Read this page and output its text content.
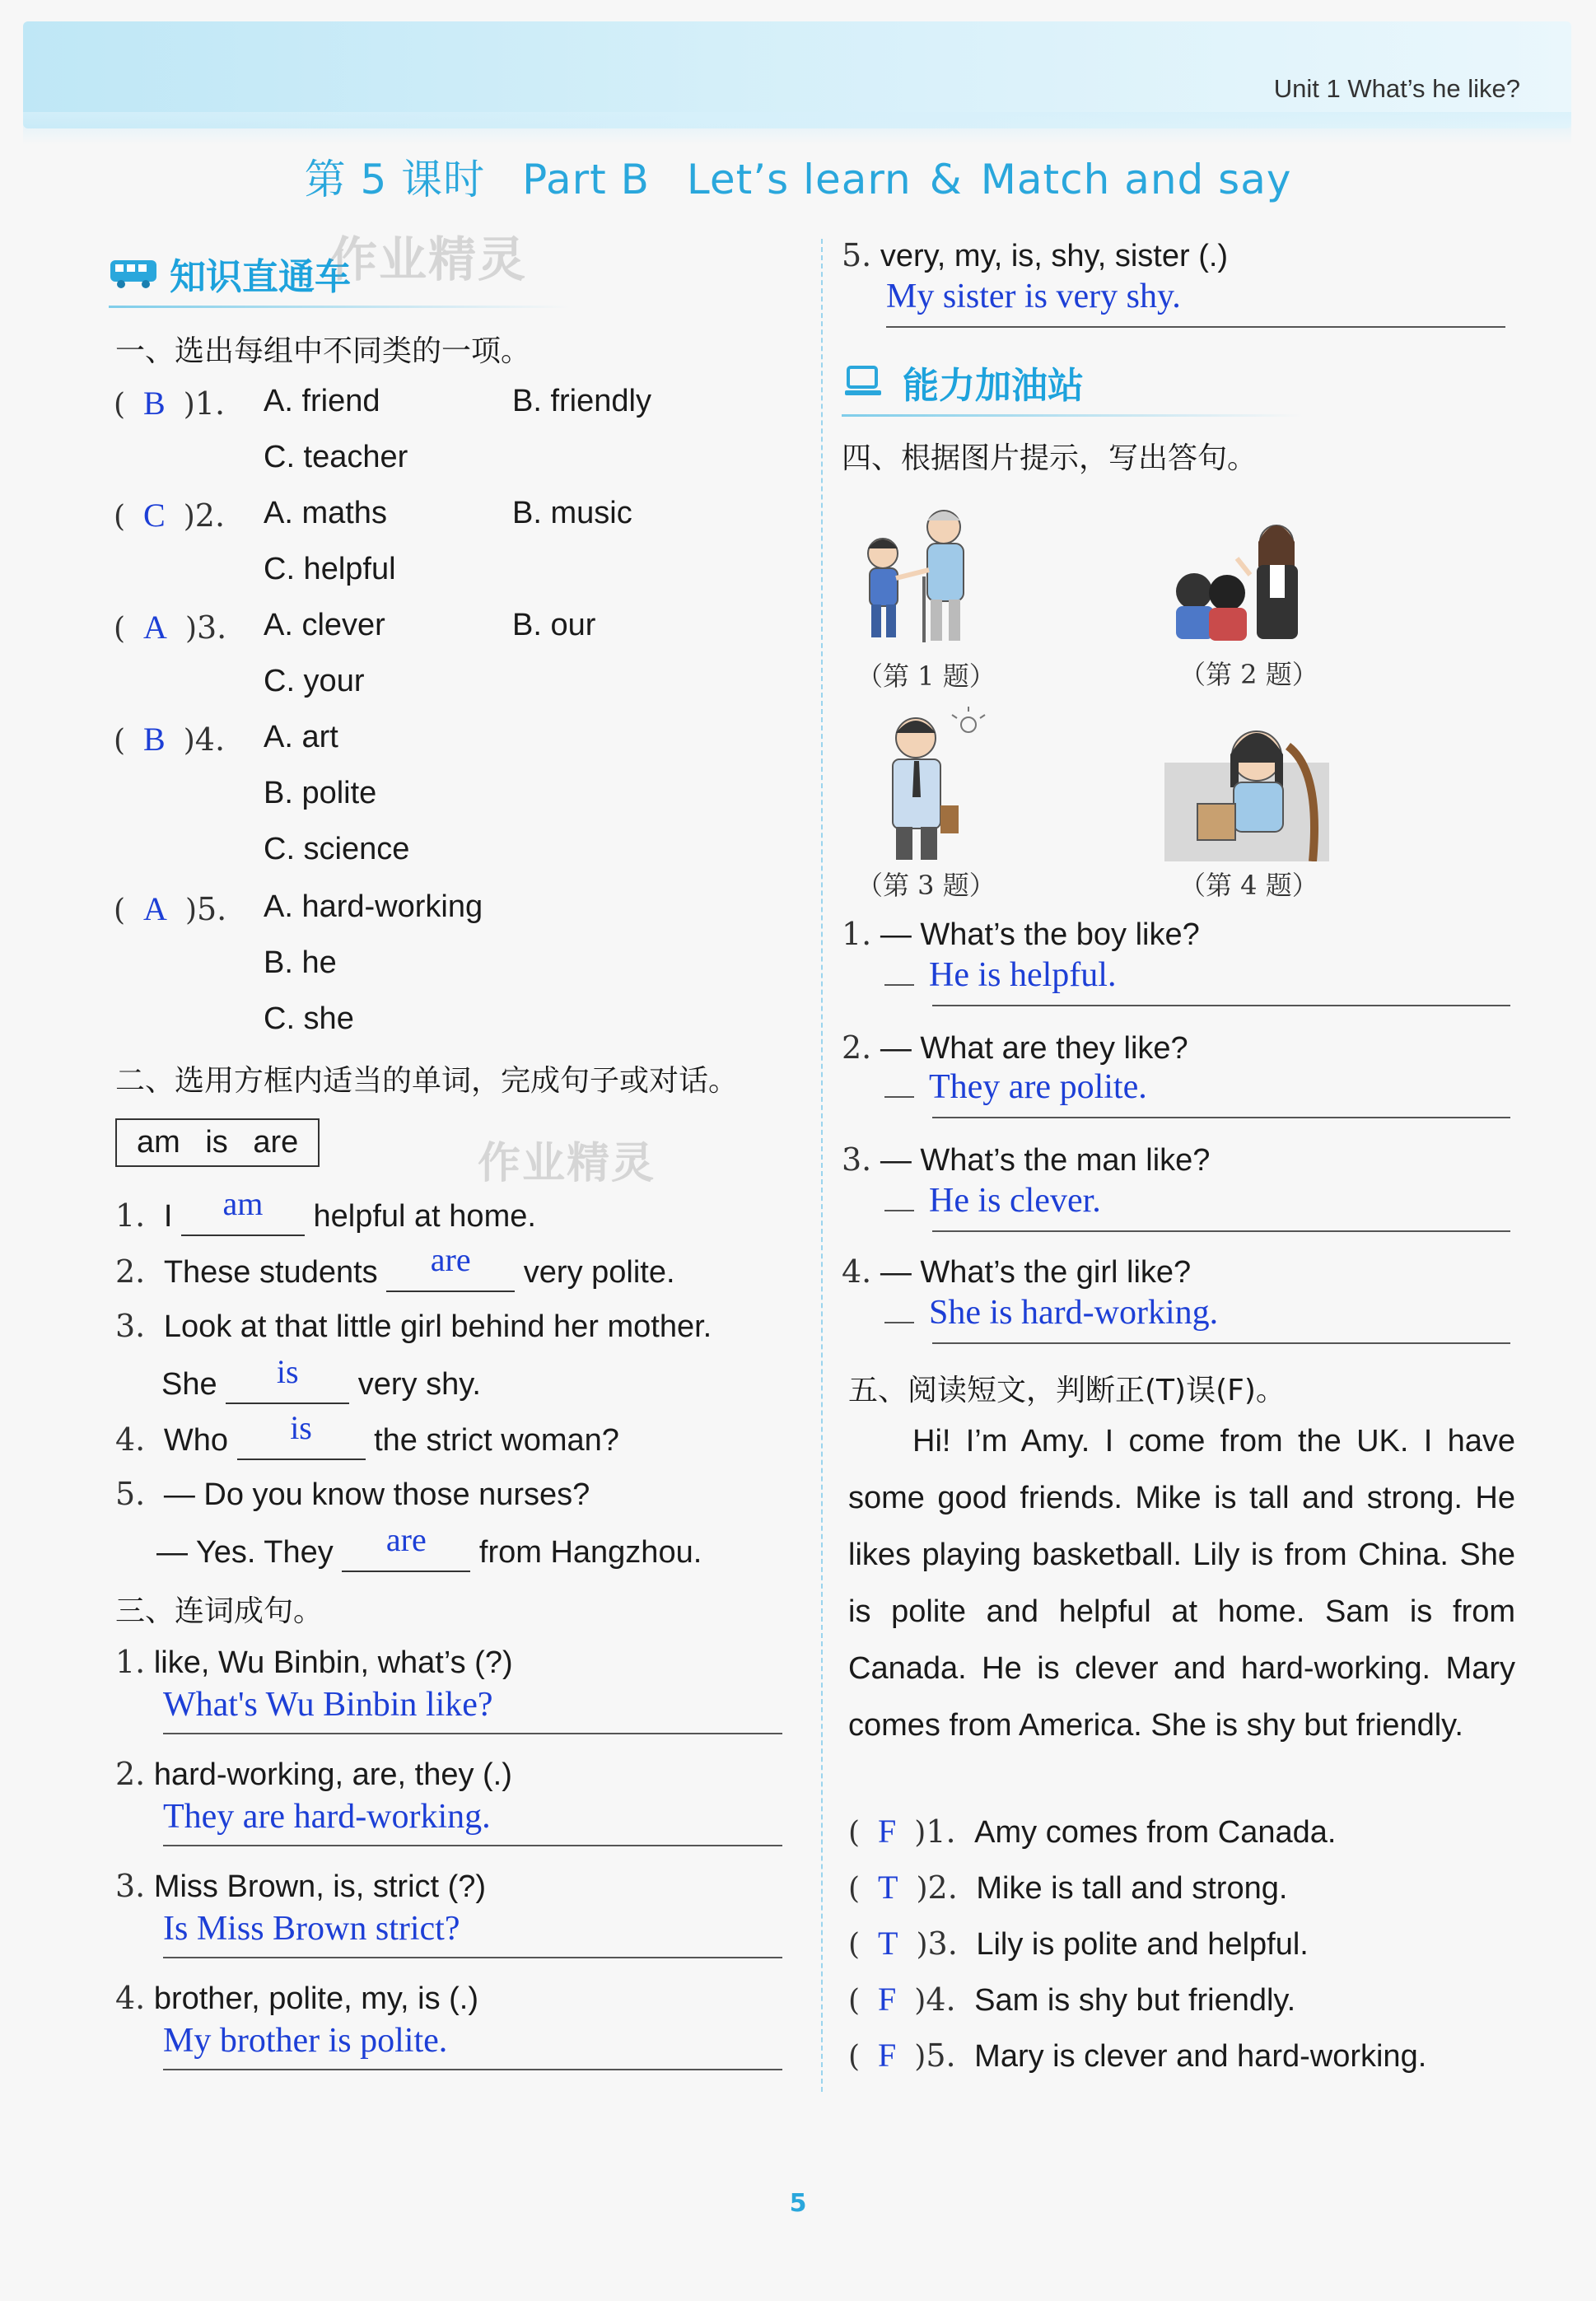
Unit 1 What’s he like?
第 5 课时 Part B Let’s learn & Match and say
知识直通车
作业精灵
一、选出每组中不同类的一项。
( B )1. A. friend	B. friendly
C. teacher
( C )2. A. maths	B. music
C. helpful
( A )3. A. clever	B. our
C. your
( B )4. A. art
B. polite
C. science
( A )5. A. hard-working
B. he
C. she
二、选用方框内适当的单词，完成句子或对话。
am is are	作业精灵
1. I am helpful at home.
2. These students are very polite.
3. Look at that little girl behind her mother.
She is very shy.
4. Who is the strict woman?
5. — Do you know those nurses?
— Yes. They are from Hangzhou.
三、连词成句。
1. like, Wu Binbin, what’s (?)
What's Wu Binbin like?
2. hard-working, are, they (.)
They are hard-working.
3. Miss Brown, is, strict (?)
Is Miss Brown strict?
4. brother, polite, my, is (.)
My brother is polite.
5. very, my, is, shy, sister (.)
My sister is very shy.
能力加油站
四、根据图片提示，写出答句。
（第 1 题）	（第 2 题）
（第 3 题）	（第 4 题）
1. — What’s the boy like?
He is helpful.
2. — What are they like?
They are polite.
3. — What’s the man like?
He is clever.
4. — What’s the girl like?
She is hard-working.
五、阅读短文，判断正(T)误(F)。
Hi! I’m Amy. I come from the UK. I have some good friends. Mike is tall and strong. He likes playing basketball. Lily is from China. She is polite and helpful at home. Sam is from Canada. He is clever and hard-working. Mary comes from America. She is shy but friendly.
( F )1. Amy comes from Canada.
( T )2. Mike is tall and strong.
( T )3. Lily is polite and helpful.
( F )4. Sam is shy but friendly.
( F )5. Mary is clever and hard-working.
5
